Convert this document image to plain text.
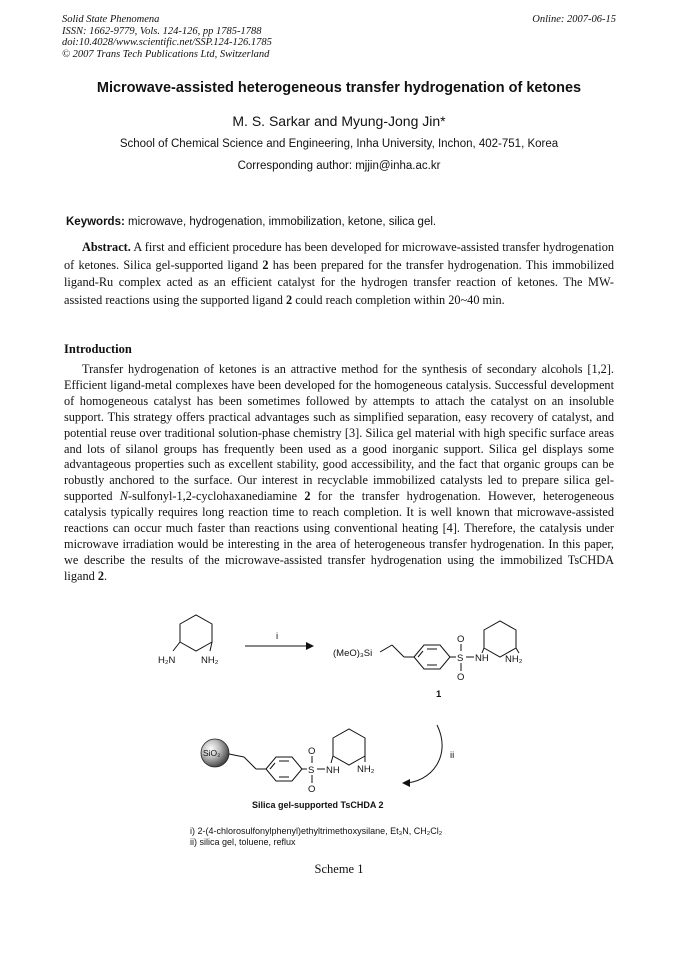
Solid State Phenomena
ISSN: 1662-9779, Vols. 124-126, pp 1785-1788
doi:10.4028/www.scientific.net/SSP.124-126.1785
© 2007 Trans Tech Publications Ltd, Switzerland
Online: 2007-06-15
Microwave-assisted heterogeneous transfer hydrogenation of ketones
M. S. Sarkar and Myung-Jong Jin*
School of Chemical Science and Engineering, Inha University, Inchon, 402-751, Korea
Corresponding author: mjjin@inha.ac.kr
Keywords: microwave, hydrogenation, immobilization, ketone, silica gel.
Abstract. A first and efficient procedure has been developed for microwave-assisted transfer hydrogenation of ketones. Silica gel-supported ligand 2 has been prepared for the transfer hydrogenation. This immobilized ligand-Ru complex acted as an efficient catalyst for the hydrogen transfer reaction of ketones. The MW-assisted reactions using the supported ligand 2 could reach completion within 20~40 min.
Introduction
Transfer hydrogenation of ketones is an attractive method for the synthesis of secondary alcohols [1,2]. Efficient ligand-metal complexes have been developed for the homogeneous catalysis. Successful development of homogeneous catalyst has been sometimes followed by attempts to attach the catalyst on an insoluble support. This strategy offers practical advantages such as simplified separation, easy recovery of catalyst, and potential reuse over traditional solution-phase chemistry [3]. Silica gel material with high specific surface areas and lots of silanol groups has frequently been used as a good inorganic support. Silica gel displays some advantageous properties such as excellent stability, good accessibility, and the fact that organic groups can be robustly anchored to the surface. Our interest in recyclable immobilized catalysts led to prepare silica gel-supported N-sulfonyl-1,2-cyclohaxanediamine 2 for the transfer hydrogenation. However, heterogeneous catalysis typically requires long reaction time to reach completion. It is well known that microwave-assisted reactions can occur much faster than reactions using conventional heating [4]. Therefore, the catalysis under microwave irradiation would be interesting in the area of heterogeneous transfer hydrogenation. In this paper, we describe the results of the microwave-assisted transfer hydrogenation using the immobilized TsCHDA ligand 2.
H₂N	NH₂
i
(MeO)₃Si	S
O
O
NH NH₂
1
ii
SiO₂
S
O
O
NH NH₂
Silica gel-supported TsCHDA 2
i) 2-(4-chlorosulfonylphenyl)ethyltrimethoxysilane, Et₃N, CH₂Cl₂
ii) silica gel, toluene, reflux
Scheme 1
